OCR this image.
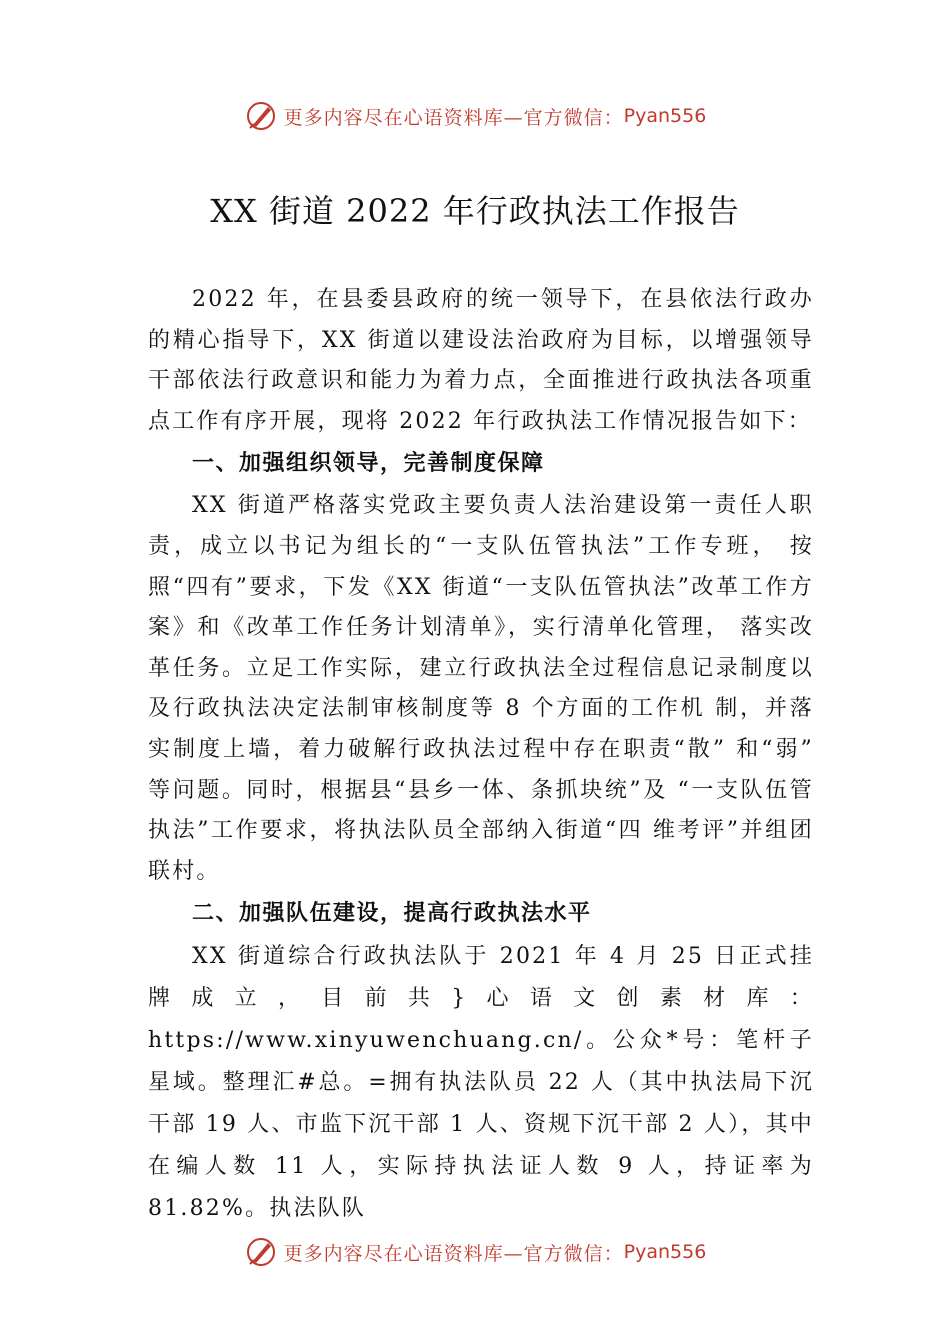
更多内容尽在心语资料库—官方微信： Pyan556
XX 街道 2022 年行政执法工作报告

2022 年，在县委县政府的统一领导下，在县依法行政办的精心指导下，XX 街道以建设法治政府为目标，以增强领导干部依法行政意识和能力为着力点，全面推进行政执法各项重点工作有序开展，现将 2022 年行政执法工作情况报告如下：

一、加强组织领导，完善制度保障

XX 街道严格落实党政主要负责人法治建设第一责任人职责，成立以书记为组长的“一支队伍管执法”工作专班， 按照“四有”要求，下发《XX 街道“一支队伍管执法”改革工作方案》和《改革工作任务计划清单》，实行清单化管理， 落实改革任务。立足工作实际，建立行政执法全过程信息记录制度以及行政执法决定法制审核制度等 8 个方面的工作机 制，并落实制度上墙，着力破解行政执法过程中存在职责“散” 和“弱” 等问题。同时，根据县“县乡一体、条抓块统”及 “一支队伍管执法”工作要求，将执法队员全部纳入街道“四 维考评”并组团联村。

二、加强队伍建设，提高行政执法水平

XX 街道综合行政执法队于 2021 年 4 月 25 日正式挂牌成立，目前共}心语文创素材库：https://www.xinyuwenchuang.cn/。公众*号：笔杆子星域。整理汇#总。=拥有执法队员 22 人（其中执法局下沉干部 19 人、市监下沉干部 1 人、资规下沉干部 2 人），其中在编人数 11 人，实际持执法证人数 9 人，持证率为 81.82%。执法队队

更多内容尽在心语资料库—官方微信： Pyan556
